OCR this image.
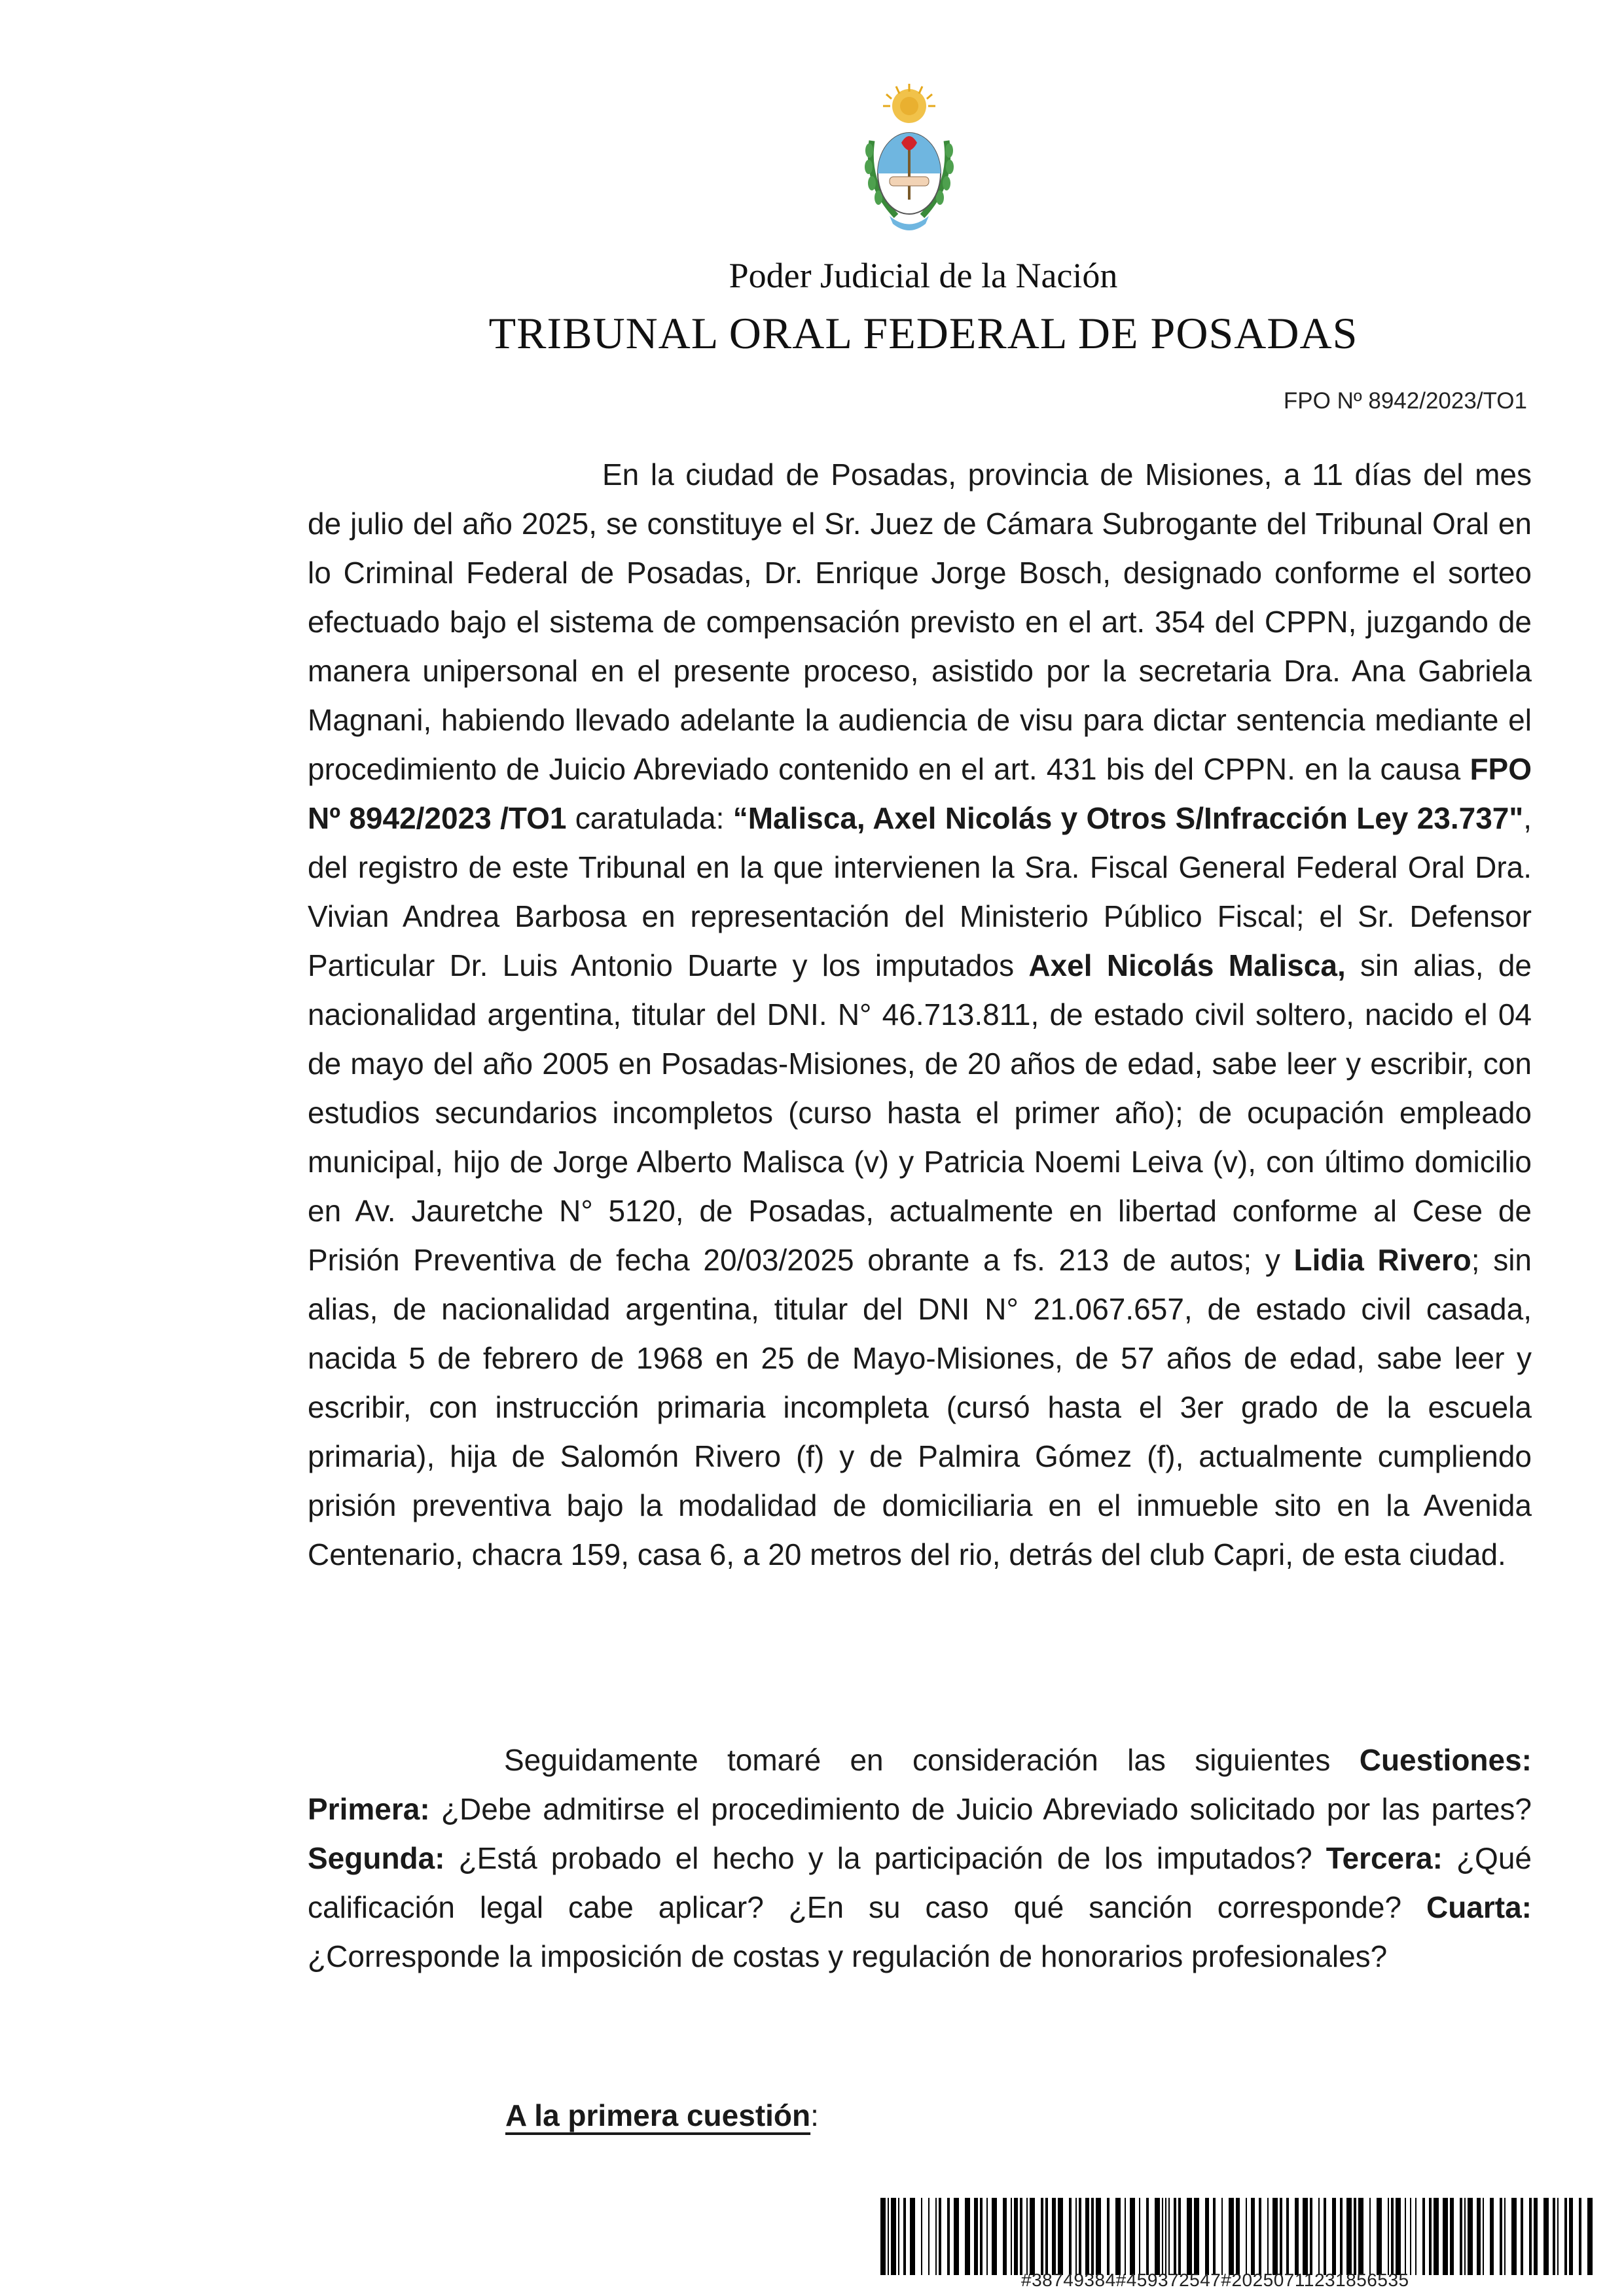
Poder Judicial de la Nación
TRIBUNAL ORAL FEDERAL DE POSADAS
FPO Nº 8942/2023/TO1

En la ciudad de Posadas, provincia de Misiones, a 11 días del mes de julio del año 2025, se constituye el Sr. Juez de Cámara Subrogante del Tribunal Oral en lo Criminal Federal de Posadas, Dr. Enrique Jorge Bosch, designado conforme el sorteo efectuado bajo el sistema de compensación previsto en el art. 354 del CPPN, juzgando de manera unipersonal en el presente proceso, asistido por la secretaria Dra. Ana Gabriela Magnani, habiendo llevado adelante la audiencia de visu para dictar sentencia mediante el procedimiento de Juicio Abreviado contenido en el art. 431 bis del CPPN. en la causa FPO Nº 8942/2023 /TO1 caratulada: “Malisca, Axel Nicolás y Otros S/Infracción Ley 23.737", del registro de este Tribunal en la que intervienen la Sra. Fiscal General Federal Oral Dra. Vivian Andrea Barbosa en representación del Ministerio Público Fiscal; el Sr. Defensor Particular Dr. Luis Antonio Duarte y los imputados Axel Nicolás Malisca, sin alias, de nacionalidad argentina, titular del DNI. N° 46.713.811, de estado civil soltero, nacido el 04 de mayo del año 2005 en Posadas-Misiones, de 20 años de edad, sabe leer y escribir, con estudios secundarios incompletos (curso hasta el primer año); de ocupación empleado municipal, hijo de Jorge Alberto Malisca (v) y Patricia Noemi Leiva (v), con último domicilio en Av. Jauretche N° 5120, de Posadas, actualmente en libertad conforme al Cese de Prisión Preventiva de fecha 20/03/2025 obrante a fs. 213 de autos; y Lidia Rivero; sin alias, de nacionalidad argentina, titular del DNI N° 21.067.657, de estado civil casada, nacida 5 de febrero de 1968 en 25 de Mayo-Misiones, de 57 años de edad, sabe leer y escribir, con instrucción primaria incompleta (cursó hasta el 3er grado de la escuela primaria), hija de Salomón Rivero (f) y de Palmira Gómez (f), actualmente cumpliendo prisión preventiva bajo la modalidad de domiciliaria en el inmueble sito en la Avenida Centenario, chacra 159, casa 6, a 20 metros del rio, detrás del club Capri, de esta ciudad.

Seguidamente tomaré en consideración las siguientes Cuestiones: Primera: ¿Debe admitirse el procedimiento de Juicio Abreviado solicitado por las partes? Segunda: ¿Está probado el hecho y la participación de los imputados? Tercera: ¿Qué calificación legal cabe aplicar? ¿En su caso qué sanción corresponde? Cuarta: ¿Corresponde la imposición de costas y regulación de honorarios profesionales?

A la primera cuestión:
#38749384#459372547#20250711231856535
